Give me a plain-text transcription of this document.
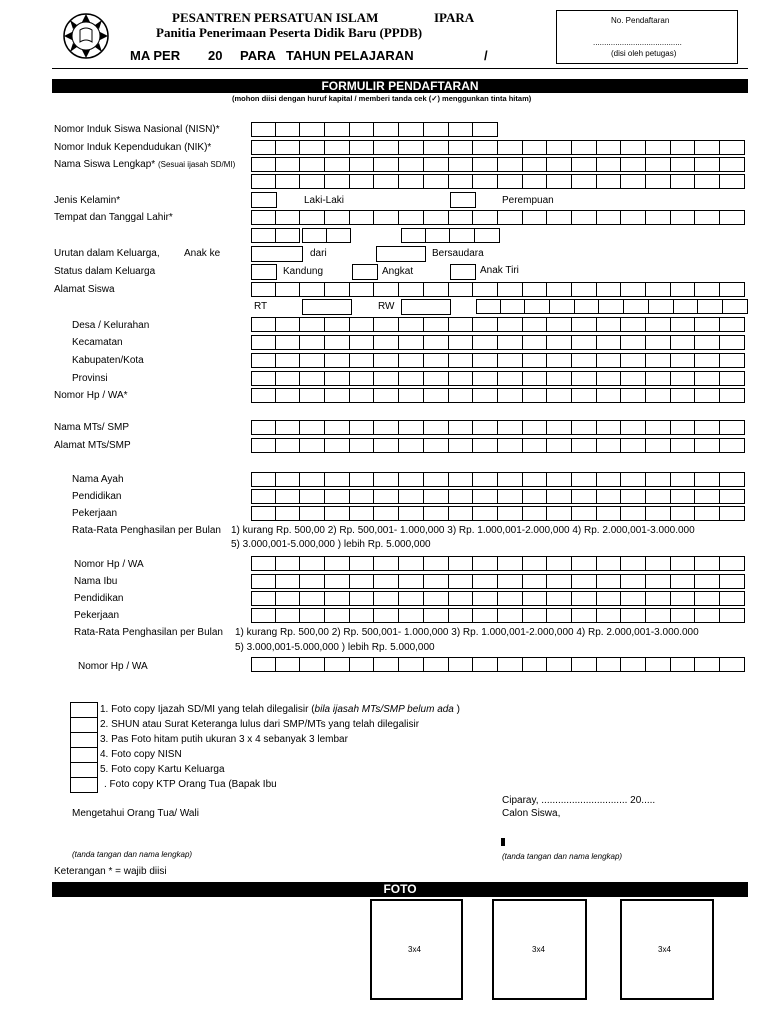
PESANTREN PERSATUAN ISLAM	IPARA
Panitia Penerimaan Peserta Didik Baru (PPDB)
MA PER 20 PARA TAHUN PELAJARAN	/
No. Pendaftaran
........................................
(disi oleh petugas)
FORMULIR PENDAFTARAN
(mohon diisi dengan huruf kapital / memberi tanda cek (✓) menggunkan tinta hitam)
Nomor Induk Siswa Nasional (NISN)*
Nomor Induk Kependudukan (NIK)*
Nama Siswa Lengkap* (Sesuai ijasah SD/MI)
Jenis Kelamin*	Laki-Laki	Perempuan
Tempat dan Tanggal Lahir*
Urutan dalam Keluarga, Anak ke	dari	Bersaudara
Status dalam Keluarga	Kandung	Angkat	Anak Tiri
Alamat Siswa
RT	RW
Desa / Kelurahan
Kecamatan
Kabupaten/Kota
Provinsi
Nomor Hp / WA*
Nama MTs/ SMP
Alamat MTs/SMP
Nama Ayah
Pendidikan
Pekerjaan
Rata-Rata Penghasilan per Bulan 1) kurang Rp. 500,00 2) Rp. 500,001- 1.000,000 3) Rp. 1.000,001-2.000,000 4) Rp. 2.000,001-3.000.000
5) 3.000,001-5.000,000 ) lebih Rp. 5.000,000
Nomor Hp / WA
Nama Ibu
Pendidikan
Pekerjaan
Rata-Rata Penghasilan per Bulan 1) kurang Rp. 500,00 2) Rp. 500,001- 1.000,000 3) Rp. 1.000,001-2.000,000 4) Rp. 2.000,001-3.000.000
5) 3.000,001-5.000,000 ) lebih Rp. 5.000,000
Nomor Hp / WA
1. Foto copy Ijazah SD/MI yang telah dilegalisir (bila ijasah MTs/SMP belum ada )
2. SHUN atau Surat Keteranga lulus dari SMP/MTs yang telah dilegalisir
3. Pas Foto hitam putih ukuran 3 x 4 sebanyak 3 lembar
4. Foto copy NISN
5. Foto copy Kartu Keluarga
. Foto copy KTP Orang Tua (Bapak Ibu
Ciparay, ............................... 20.....
Calon Siswa,
Mengetahui Orang Tua/ Wali
(tanda tangan dan nama lengkap)	(tanda tangan dan nama lengkap)
Keterangan * = wajib diisi
FOTO
3x4	3x4	3x4
